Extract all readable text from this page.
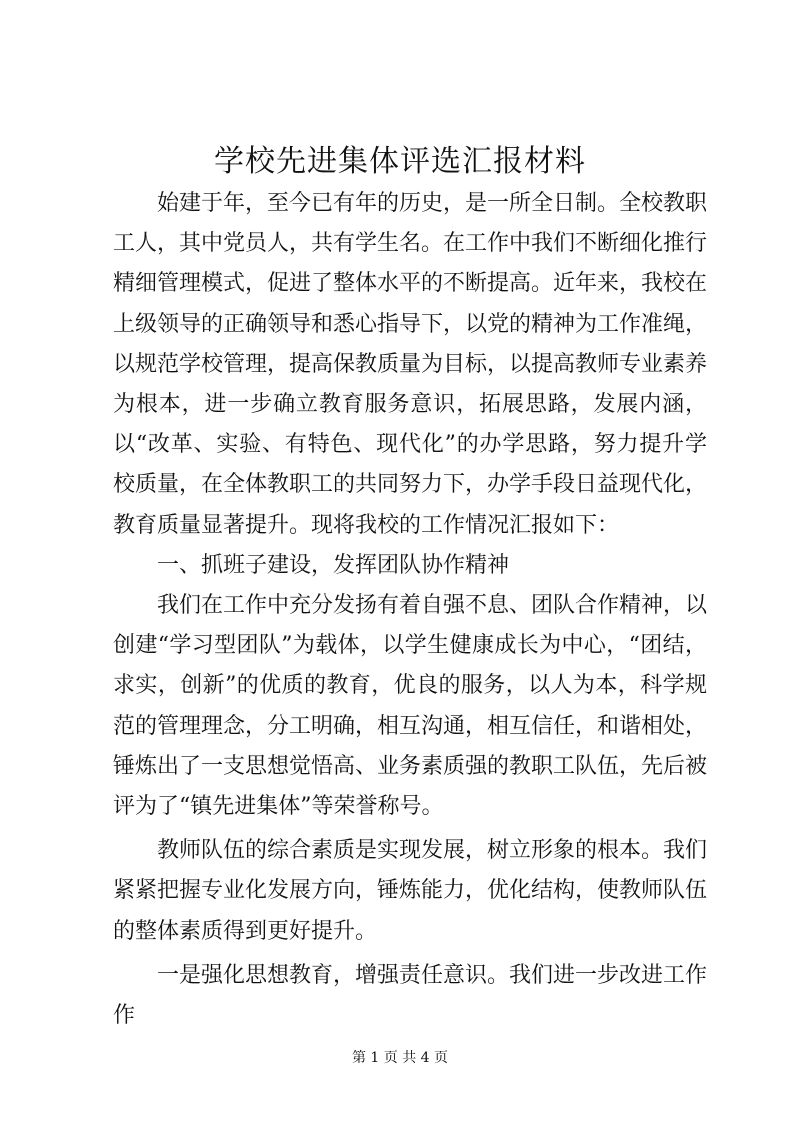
学校先进集体评选汇报材料

始建于年，至今已有年的历史，是一所全日制。全校教职工人，其中党员人，共有学生名。在工作中我们不断细化推行精细管理模式，促进了整体水平的不断提高。近年来，我校在上级领导的正确领导和悉心指导下，以党的精神为工作准绳，以规范学校管理，提高保教质量为目标，以提高教师专业素养为根本，进一步确立教育服务意识，拓展思路，发展内涵，以“改革、实验、有特色、现代化”的办学思路，努力提升学校质量，在全体教职工的共同努力下，办学手段日益现代化，教育质量显著提升。现将我校的工作情况汇报如下：

一、抓班子建设，发挥团队协作精神

我们在工作中充分发扬有着自强不息、团队合作精神，以创建“学习型团队”为载体，以学生健康成长为中心，“团结，求实，创新”的优质的教育，优良的服务，以人为本，科学规范的管理理念，分工明确，相互沟通，相互信任，和谐相处，锤炼出了一支思想觉悟高、业务素质强的教职工队伍，先后被评为了“镇先进集体”等荣誉称号。

教师队伍的综合素质是实现发展，树立形象的根本。我们紧紧把握专业化发展方向，锤炼能力，优化结构，使教师队伍的整体素质得到更好提升。

一是强化思想教育，增强责任意识。我们进一步改进工作作

第 1 页 共 4 页
